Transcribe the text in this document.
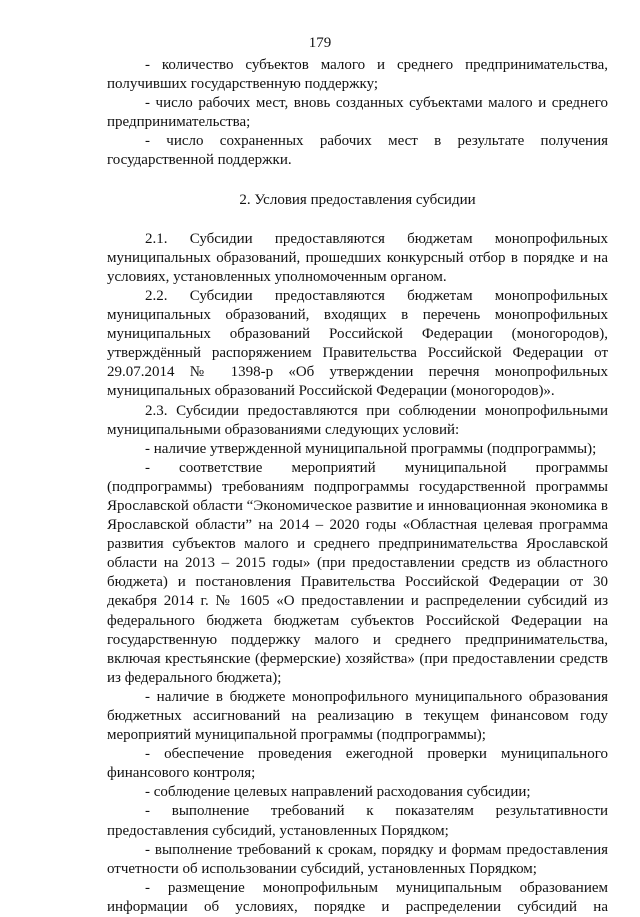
179

- количество субъектов малого и среднего предпринимательства, получивших государственную поддержку;

- число рабочих мест, вновь созданных субъектами малого и среднего предпринимательства;

- число сохраненных рабочих мест в результате получения государственной поддержки.

2. Условия предоставления субсидии

2.1. Субсидии предоставляются бюджетам монопрофильных муниципальных образований, прошедших конкурсный отбор в порядке и на условиях, установленных уполномоченным органом.

2.2. Субсидии предоставляются бюджетам монопрофильных муниципальных образований, входящих в перечень монопрофильных муниципальных образований Российской Федерации (моногородов), утверждённый распоряжением Правительства Российской Федерации от 29.07.2014 № 1398-р «Об утверждении перечня монопрофильных муниципальных образований Российской Федерации (моногородов)».

2.3. Субсидии предоставляются при соблюдении монопрофильными муниципальными образованиями следующих условий:

- наличие утвержденной муниципальной программы (подпрограммы);

- соответствие мероприятий муниципальной программы (подпрограммы) требованиям подпрограммы государственной программы Ярославской области “Экономическое развитие и инновационная экономика в Ярославской области” на 2014 – 2020 годы «Областная целевая программа развития субъектов малого и среднего предпринимательства Ярославской области на 2013 – 2015 годы» (при предоставлении средств из областного бюджета) и постановления Правительства Российской Федерации от 30 декабря 2014 г. № 1605 «О предоставлении и распределении субсидий из федерального бюджета бюджетам субъектов Российской Федерации на государственную поддержку малого и среднего предпринимательства, включая крестьянские (фермерские) хозяйства» (при предоставлении средств из федерального бюджета);

- наличие в бюджете монопрофильного муниципального образования бюджетных ассигнований на реализацию в текущем финансовом году мероприятий муниципальной программы (подпрограммы);

- обеспечение проведения ежегодной проверки муниципального финансового контроля;

- соблюдение целевых направлений расходования субсидии;

- выполнение требований к показателям результативности предоставления субсидий, установленных Порядком;

- выполнение требований к срокам, порядку и формам предоставления отчетности об использовании субсидий, установленных Порядком;

- размещение монопрофильным муниципальным образованием информации об условиях, порядке и распределении субсидий на
